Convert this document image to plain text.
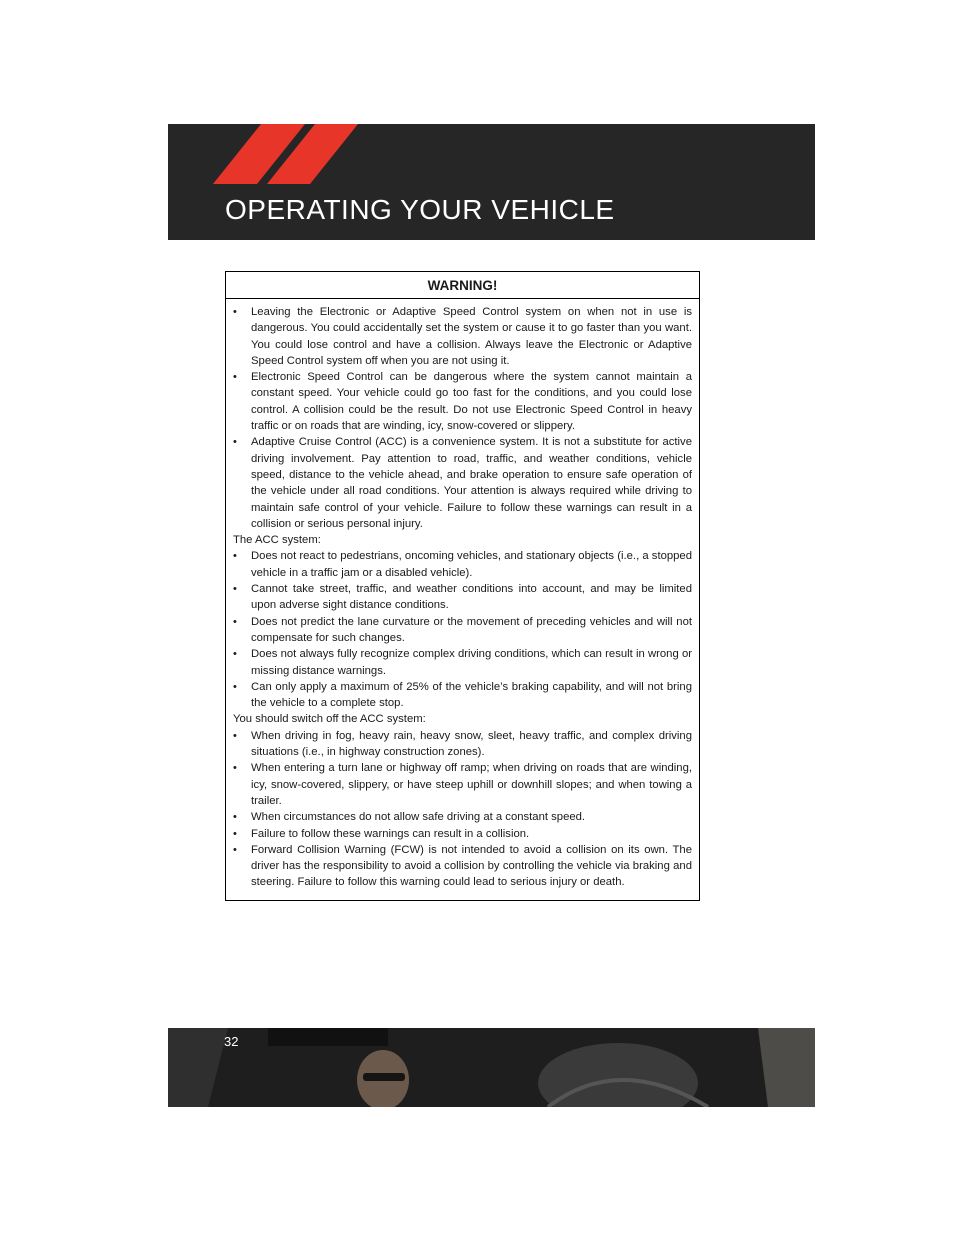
OPERATING YOUR VEHICLE
WARNING!
• Leaving the Electronic or Adaptive Speed Control system on when not in use is dangerous. You could accidentally set the system or cause it to go faster than you want. You could lose control and have a collision. Always leave the Electronic or Adaptive Speed Control system off when you are not using it.
• Electronic Speed Control can be dangerous where the system cannot maintain a constant speed. Your vehicle could go too fast for the conditions, and you could lose control. A collision could be the result. Do not use Electronic Speed Control in heavy traffic or on roads that are winding, icy, snow-covered or slippery.
• Adaptive Cruise Control (ACC) is a convenience system. It is not a substitute for active driving involvement. Pay attention to road, traffic, and weather conditions, vehicle speed, distance to the vehicle ahead, and brake operation to ensure safe operation of the vehicle under all road conditions. Your attention is always required while driving to maintain safe control of your vehicle. Failure to follow these warnings can result in a collision or serious personal injury.

The ACC system:

• Does not react to pedestrians, oncoming vehicles, and stationary objects (i.e., a stopped vehicle in a traffic jam or a disabled vehicle).
• Cannot take street, traffic, and weather conditions into account, and may be limited upon adverse sight distance conditions.
• Does not predict the lane curvature or the movement of preceding vehicles and will not compensate for such changes.
• Does not always fully recognize complex driving conditions, which can result in wrong or missing distance warnings.
• Can only apply a maximum of 25% of the vehicle’s braking capability, and will not bring the vehicle to a complete stop.

You should switch off the ACC system:

• When driving in fog, heavy rain, heavy snow, sleet, heavy traffic, and complex driving situations (i.e., in highway construction zones).
• When entering a turn lane or highway off ramp; when driving on roads that are winding, icy, snow-covered, slippery, or have steep uphill or downhill slopes; and when towing a trailer.
• When circumstances do not allow safe driving at a constant speed.
• Failure to follow these warnings can result in a collision.
• Forward Collision Warning (FCW) is not intended to avoid a collision on its own. The driver has the responsibility to avoid a collision by controlling the vehicle via braking and steering. Failure to follow this warning could lead to serious injury or death.
32
